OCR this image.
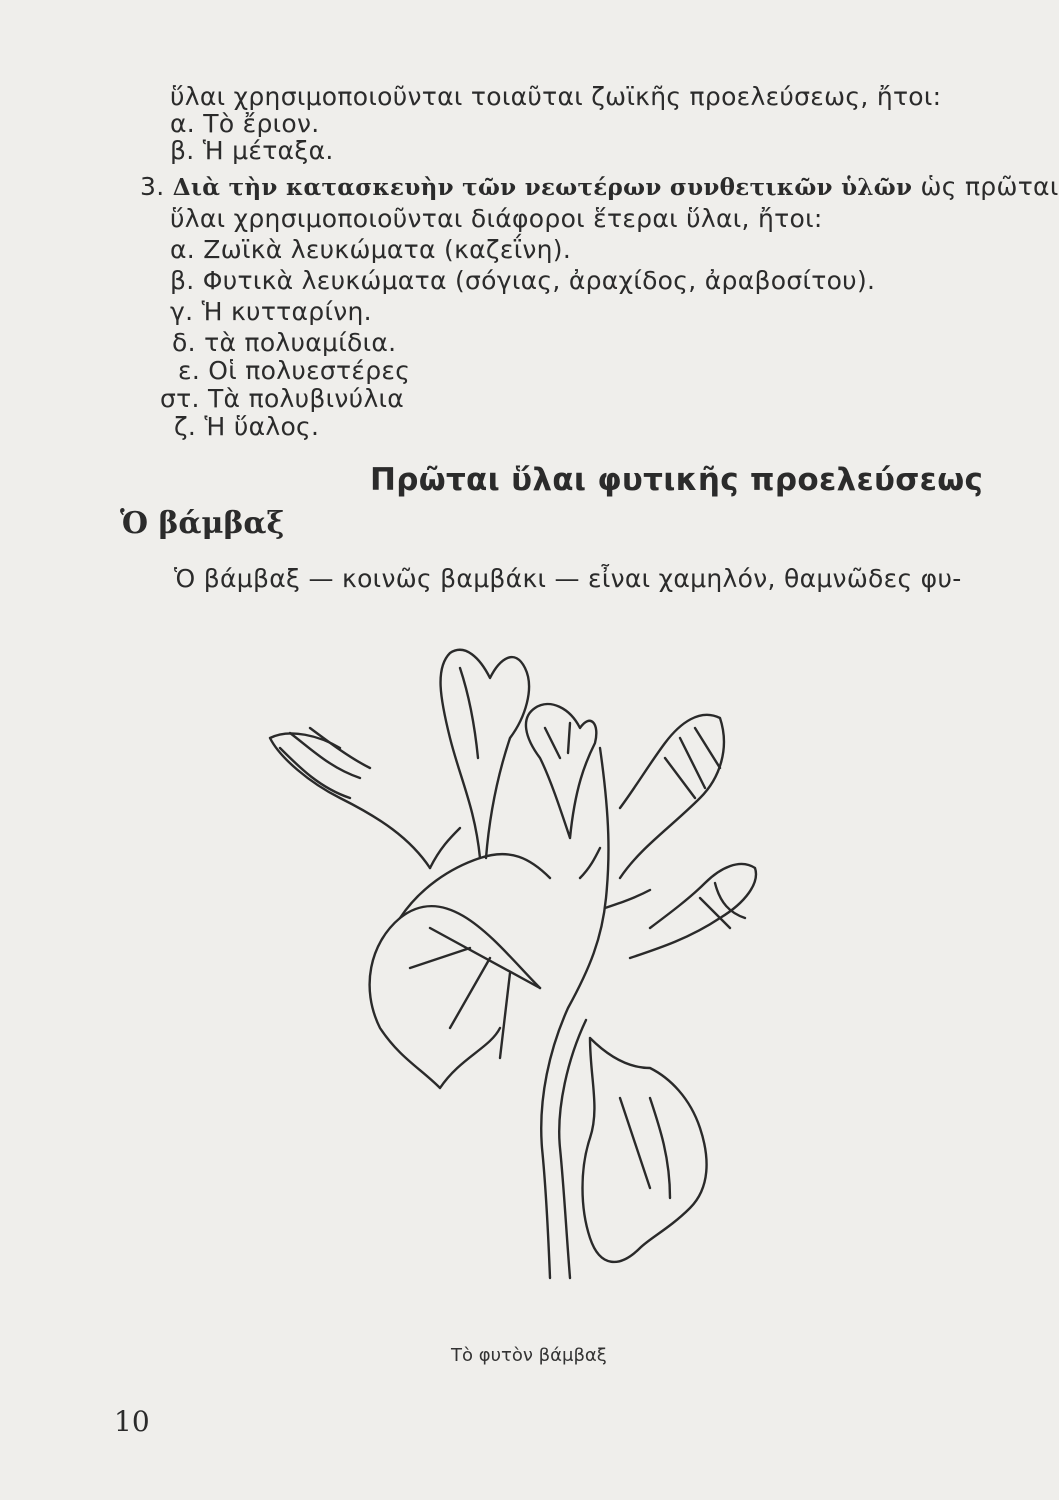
ὕλαι χρησιμοποιοῦνται τοιαῦται ζωϊκῆς προελεύσεως, ἤτοι:
α. Τὸ ἔριον.
β. Ἡ μέταξα.
3. Διὰ τὴν κατασκευὴν τῶν νεωτέρων συνθετικῶν ὑλῶν ὡς πρῶται
ὕλαι χρησιμοποιοῦνται διάφοροι ἕτεραι ὕλαι, ἤτοι:
α. Ζωϊκὰ λευκώματα (καζεΐνη).
β. Φυτικὰ λευκώματα (σόγιας, ἀραχίδος, ἀραβοσίτου).
γ. Ἡ κυτταρίνη.
δ. τὰ πολυαμίδια.
ε. Οἱ πολυεστέρες
στ. Τὰ πολυβινύλια
ζ. Ἡ ὕαλος.
Πρῶται ὕλαι φυτικῆς προελεύσεως
Ὁ βάμβαξ
Ὁ βάμβαξ — κοινῶς βαμβάκι — εἶναι χαμηλόν, θαμνῶδες φυ-
Τὸ φυτὸν βάμβαξ
10
